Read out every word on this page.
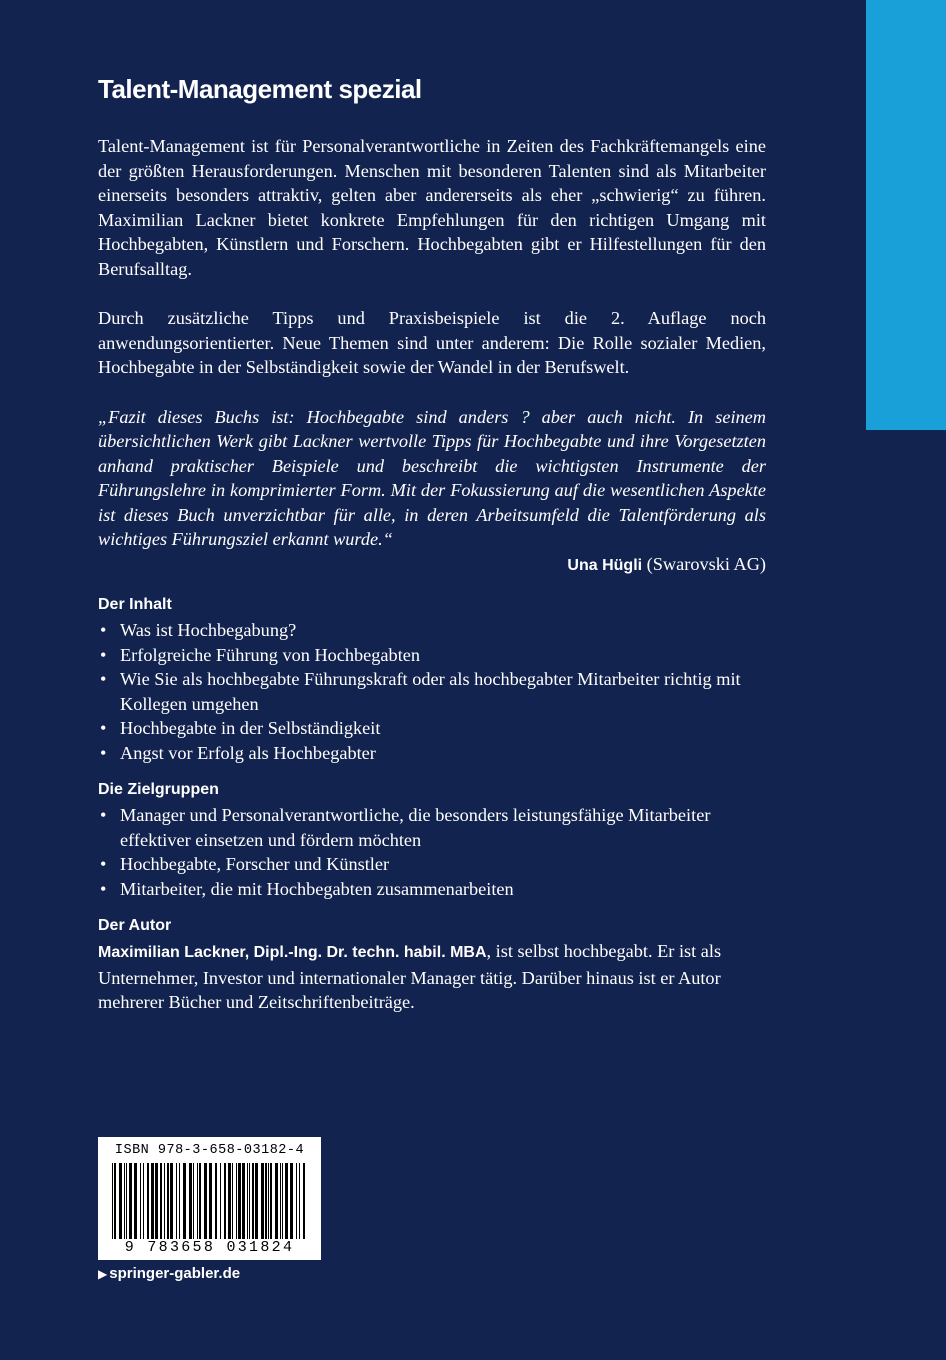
Talent-Management spezial

Talent-Management ist für Personalverantwortliche in Zeiten des Fachkräftemangels eine der größten Herausforderungen. Menschen mit besonderen Talenten sind als Mitarbeiter einerseits besonders attraktiv, gelten aber andererseits als eher „schwierig“ zu führen. Maximilian Lackner bietet konkrete Empfehlungen für den richtigen Umgang mit Hochbegabten, Künstlern und Forschern. Hochbegabten gibt er Hilfestellungen für den Berufsalltag.

Durch zusätzliche Tipps und Praxisbeispiele ist die 2. Auflage noch anwendungsorientierter. Neue Themen sind unter anderem: Die Rolle sozialer Medien, Hochbegabte in der Selbständigkeit sowie der Wandel in der Berufswelt.

„Fazit dieses Buchs ist: Hochbegabte sind anders ? aber auch nicht. In seinem übersichtlichen Werk gibt Lackner wertvolle Tipps für Hochbegabte und ihre Vorgesetzten anhand praktischer Beispiele und beschreibt die wichtigsten Instrumente der Führungslehre in komprimierter Form. Mit der Fokussierung auf die wesentlichen Aspekte ist dieses Buch unverzichtbar für alle, in deren Arbeitsumfeld die Talentförderung als wichtiges Führungsziel erkannt wurde.“

Una Hügli (Swarovski AG)

Der Inhalt
• Was ist Hochbegabung?
• Erfolgreiche Führung von Hochbegabten
• Wie Sie als hochbegabte Führungskraft oder als hochbegabter Mitarbeiter richtig mit Kollegen umgehen
• Hochbegabte in der Selbständigkeit
• Angst vor Erfolg als Hochbegabter
Die Zielgruppen
• Manager und Personalverantwortliche, die besonders leistungsfähige Mitarbeiter effektiver einsetzen und fördern möchten
• Hochbegabte, Forscher und Künstler
• Mitarbeiter, die mit Hochbegabten zusammenarbeiten
Der Autor

Maximilian Lackner, Dipl.-Ing. Dr. techn. habil. MBA, ist selbst hochbegabt. Er ist als Unternehmer, Investor und internationaler Manager tätig. Darüber hinaus ist er Autor mehrerer Bücher und Zeitschriftenbeiträge.

ISBN 978-3-658-03182-4
9 783658 031824
▶ springer-gabler.de
